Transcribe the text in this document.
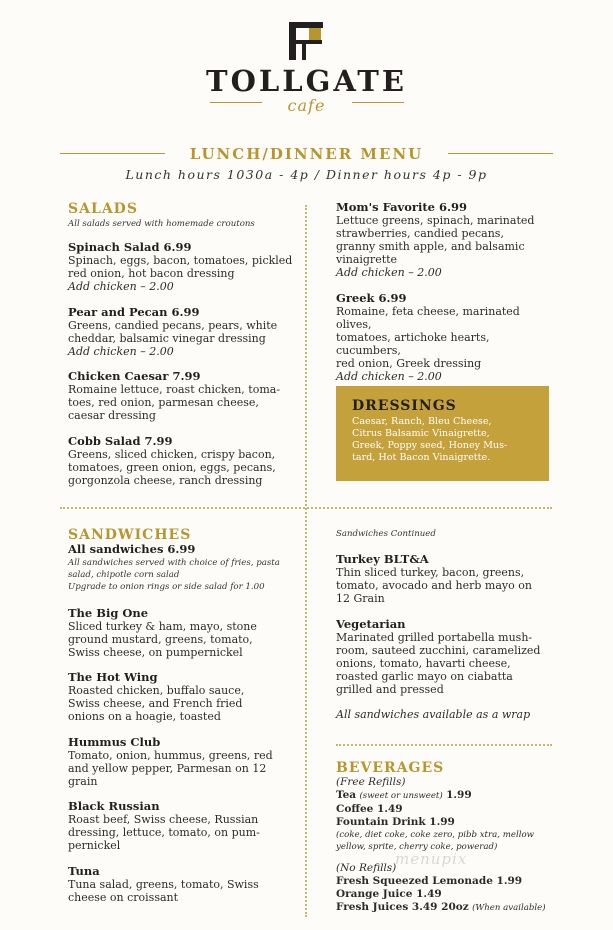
TOLLGATE
cafe
LUNCH/DINNER MENU
Lunch hours 1030a - 4p / Dinner hours 4p - 9p
SALADS
All salads served with homemade croutons
Spinach Salad 6.99
Spinach, eggs, bacon, tomatoes, pickled
red onion, hot bacon dressing
Add chicken – 2.00
Pear and Pecan 6.99
Greens, candied pecans, pears, white
cheddar, balsamic vinegar dressing
Add chicken – 2.00
Chicken Caesar 7.99
Romaine lettuce, roast chicken, toma-
toes, red onion, parmesan cheese,
caesar dressing
Cobb Salad 7.99
Greens, sliced chicken, crispy bacon,
tomatoes, green onion, eggs, pecans,
gorgonzola cheese, ranch dressing
Mom's Favorite 6.99
Lettuce greens, spinach, marinated
strawberries, candied pecans,
granny smith apple, and balsamic
vinaigrette
Add chicken – 2.00
Greek 6.99
Romaine, feta cheese, marinated olives,
tomatoes, artichoke hearts, cucumbers,
red onion, Greek dressing
Add chicken – 2.00
DRESSINGS
Caesar, Ranch, Bleu Cheese,
Citrus Balsamic Vinaigrette,
Greek, Poppy seed, Honey Mus-
tard, Hot Bacon Vinaigrette.
SANDWICHES
All sandwiches 6.99
All sandwiches served with choice of fries, pasta
salad, chipotle corn salad
Upgrade to onion rings or side salad for 1.00
The Big One
Sliced turkey & ham, mayo, stone
ground mustard, greens, tomato,
Swiss cheese, on pumpernickel
The Hot Wing
Roasted chicken, buffalo sauce,
Swiss cheese, and French fried
onions on a hoagie, toasted
Hummus Club
Tomato, onion, hummus, greens, red
and yellow pepper, Parmesan on 12
grain
Black Russian
Roast beef, Swiss cheese, Russian
dressing, lettuce, tomato, on pum-
pernickel
Tuna
Tuna salad, greens, tomato, Swiss
cheese on croissant
Sandwiches Continued
Turkey BLT&A
Thin sliced turkey, bacon, greens,
tomato, avocado and herb mayo on
12 Grain
Vegetarian
Marinated grilled portabella mush-
room, sauteed zucchini, caramelized
onions, tomato, havarti cheese,
roasted garlic mayo on ciabatta
grilled and pressed
All sandwiches available as a wrap
BEVERAGES
(Free Refills)
Tea (sweet or unsweet) 1.99
Coffee 1.49
Fountain Drink 1.99
(coke, diet coke, coke zero, pibb xtra, mellow
yellow, sprite, cherry coke, powerad)
(No Refills)
Fresh Squeezed Lemonade 1.99
Orange Juice 1.49
Fresh Juices 3.49 20oz (When available)
menupix
